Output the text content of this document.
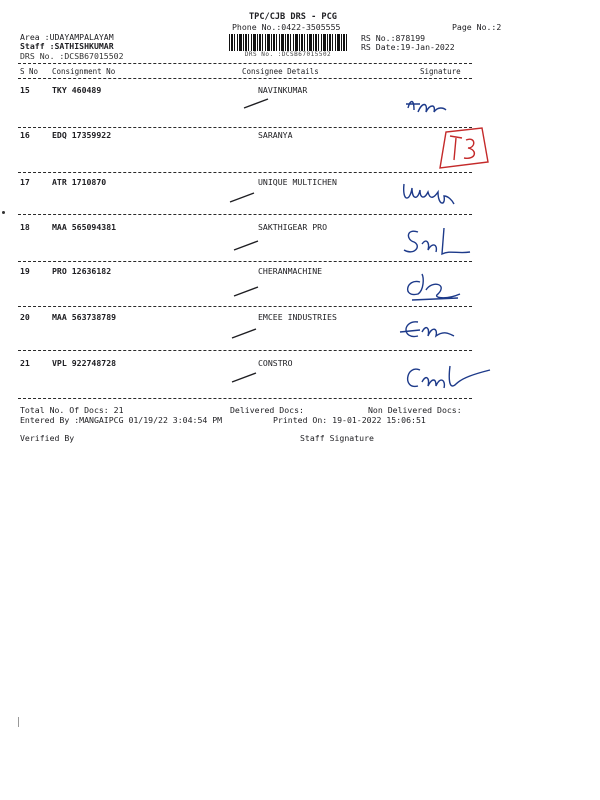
TPC/CJB DRS - PCG
Phone No.:0422-3505555	Page No.:2
Area :UDAYAMPALAYAM
Staff :SATHISHKUMAR
DRS No. :DCSB67015502	DRS No. :DCSB67015502
RS No.:878199
RS Date:19-Jan-2022
S No Consignment No	Consignee Details	Signature
15	TKY 460489	NAVINKUMAR
16	EDQ 17359922	SARANYA
17	ATR 1710870	UNIQUE MULTICHEN
18	MAA 565094381	SAKTHIGEAR PRO
19	PRO 12636182	CHERANMACHINE
20	MAA 563738789	EMCEE INDUSTRIES
21	VPL 922748728	CONSTRO
Total No. Of Docs: 21	Delivered Docs:	Non Delivered Docs:
Entered By :MANGAIPCG 01/19/22 3:04:54 PM	Printed On: 19-01-2022 15:06:51
Verified By	Staff Signature
